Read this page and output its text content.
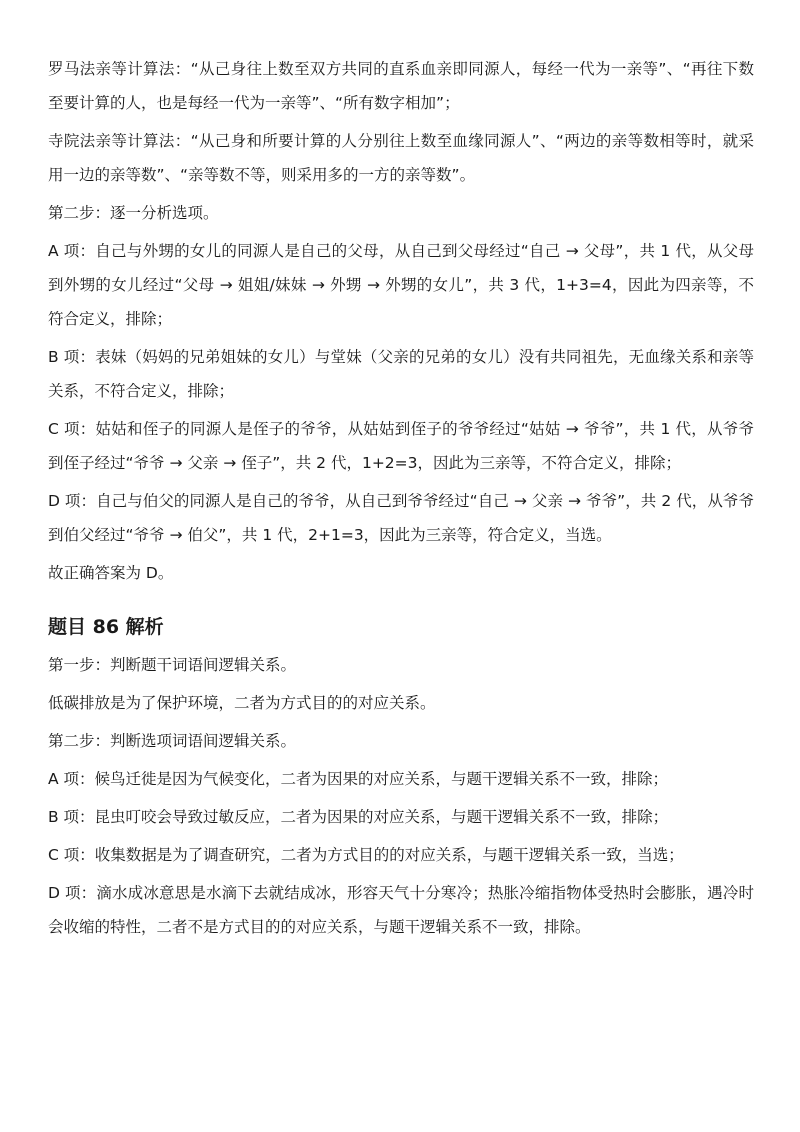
罗马法亲等计算法：“从己身往上数至双方共同的直系血亲即同源人，每经一代为一亲等”、“再往下数至要计算的人，也是每经一代为一亲等”、“所有数字相加”；

寺院法亲等计算法：“从己身和所要计算的人分别往上数至血缘同源人”、“两边的亲等数相等时，就采用一边的亲等数”、“亲等数不等，则采用多的一方的亲等数”。

第二步：逐一分析选项。

A 项：自己与外甥的女儿的同源人是自己的父母，从自己到父母经过“自己 → 父母”，共 1 代，从父母到外甥的女儿经过“父母 → 姐姐/妹妹 → 外甥 → 外甥的女儿”，共 3 代，1+3=4，因此为四亲等，不符合定义，排除；

B 项：表妹（妈妈的兄弟姐妹的女儿）与堂妹（父亲的兄弟的女儿）没有共同祖先，无血缘关系和亲等关系，不符合定义，排除；

C 项：姑姑和侄子的同源人是侄子的爷爷，从姑姑到侄子的爷爷经过“姑姑 → 爷爷”，共 1 代，从爷爷到侄子经过“爷爷 → 父亲 → 侄子”，共 2 代，1+2=3，因此为三亲等，不符合定义，排除；

D 项：自己与伯父的同源人是自己的爷爷，从自己到爷爷经过“自己 → 父亲 → 爷爷”，共 2 代，从爷爷到伯父经过“爷爷 → 伯父”，共 1 代，2+1=3，因此为三亲等，符合定义，当选。

故正确答案为 D。

题目 86 解析

第一步：判断题干词语间逻辑关系。

低碳排放是为了保护环境，二者为方式目的的对应关系。

第二步：判断选项词语间逻辑关系。

A 项：候鸟迁徙是因为气候变化，二者为因果的对应关系，与题干逻辑关系不一致，排除；

B 项：昆虫叮咬会导致过敏反应，二者为因果的对应关系，与题干逻辑关系不一致，排除；

C 项：收集数据是为了调查研究，二者为方式目的的对应关系，与题干逻辑关系一致，当选；

D 项：滴水成冰意思是水滴下去就结成冰，形容天气十分寒冷；热胀冷缩指物体受热时会膨胀，遇冷时会收缩的特性，二者不是方式目的的对应关系，与题干逻辑关系不一致，排除。
